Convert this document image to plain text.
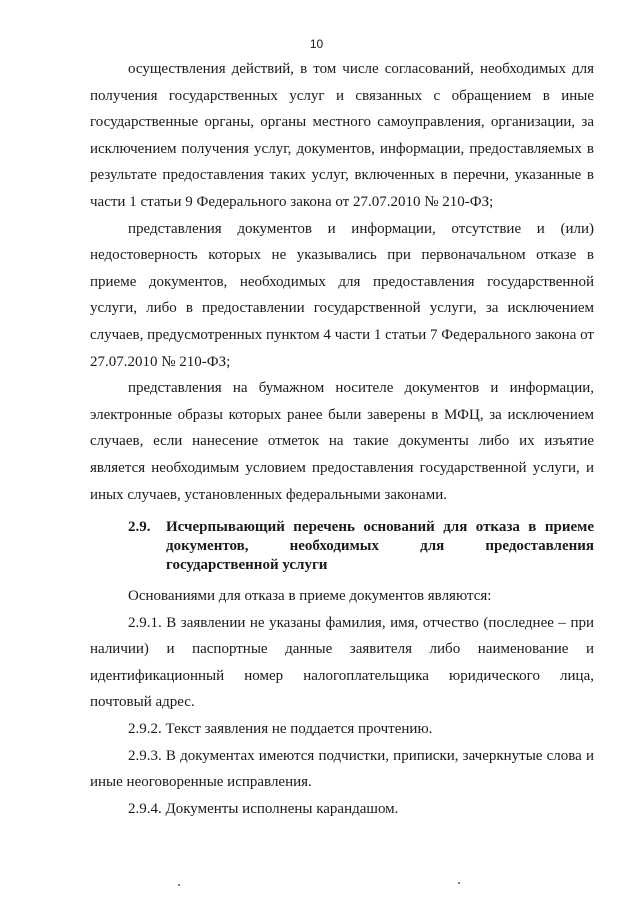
10

осуществления действий, в том числе согласований, необходимых для получения государственных услуг и связанных с обращением в иные государственные органы, органы местного самоуправления, организации, за исключением получения услуг, документов, информации, предоставляемых в результате предоставления таких услуг, включенных в перечни, указанные в части 1 статьи 9 Федерального закона от 27.07.2010 № 210-ФЗ;

представления документов и информации, отсутствие и (или) недостоверность которых не указывались при первоначальном отказе в приеме документов, необходимых для предоставления государственной услуги, либо в предоставлении государственной услуги, за исключением случаев, предусмотренных пунктом 4 части 1 статьи 7 Федерального закона от 27.07.2010 № 210-ФЗ;

представления на бумажном носителе документов и информации, электронные образы которых ранее были заверены в МФЦ, за исключением случаев, если нанесение отметок на такие документы либо их изъятие является необходимым условием предоставления государственной услуги, и иных случаев, установленных федеральными законами.

2.9.	Исчерпывающий перечень оснований для отказа в приеме документов, необходимых для предоставления государственной услуги

Основаниями для отказа в приеме документов являются:

2.9.1. В заявлении не указаны фамилия, имя, отчество (последнее – при наличии) и паспортные данные заявителя либо наименование и идентификационный номер налогоплательщика юридического лица, почтовый адрес.

2.9.2. Текст заявления не поддается прочтению.

2.9.3. В документах имеются подчистки, приписки, зачеркнутые слова и иные неоговоренные исправления.

2.9.4. Документы исполнены карандашом.
